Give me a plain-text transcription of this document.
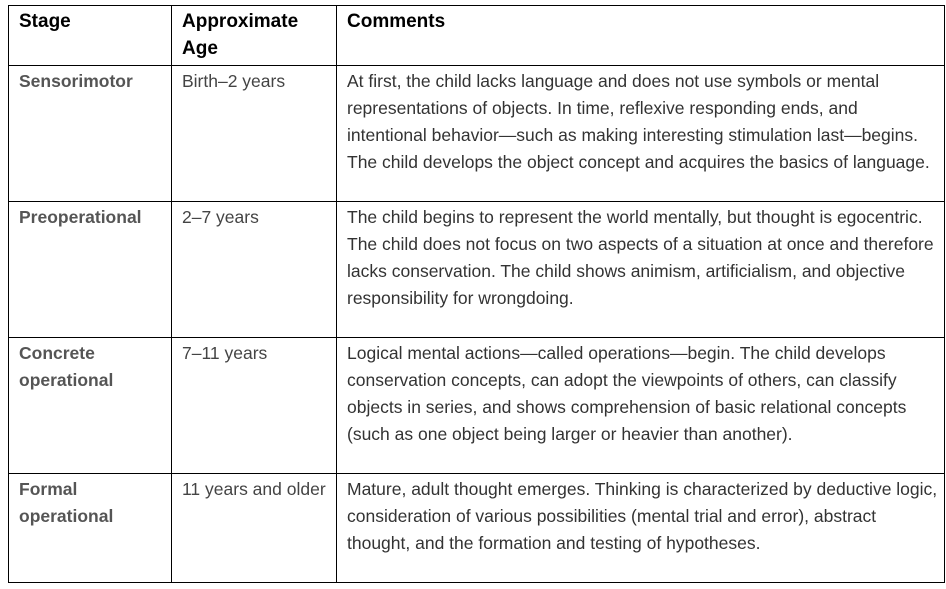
Stage	Approximate Age	Comments
Sensorimotor	Birth–2 years	At first, the child lacks language and does not use symbols or mental representations of objects. In time, reflexive responding ends, and intentional behavior—such as making interesting stimulation last—begins. The child develops the object concept and acquires the basics of language.
Preoperational	2–7 years	The child begins to represent the world mentally, but thought is egocentric. The child does not focus on two aspects of a situation at once and therefore lacks conservation. The child shows animism, artificialism, and objective responsibility for wrongdoing.
Concrete operational	7–11 years	Logical mental actions—called operations—begin. The child develops conservation concepts, can adopt the viewpoints of others, can classify objects in series, and shows comprehension of basic relational concepts (such as one object being larger or heavier than another).
Formal operational	11 years and older	Mature, adult thought emerges. Thinking is characterized by deductive logic, consideration of various possibilities (mental trial and error), abstract thought, and the formation and testing of hypotheses.
